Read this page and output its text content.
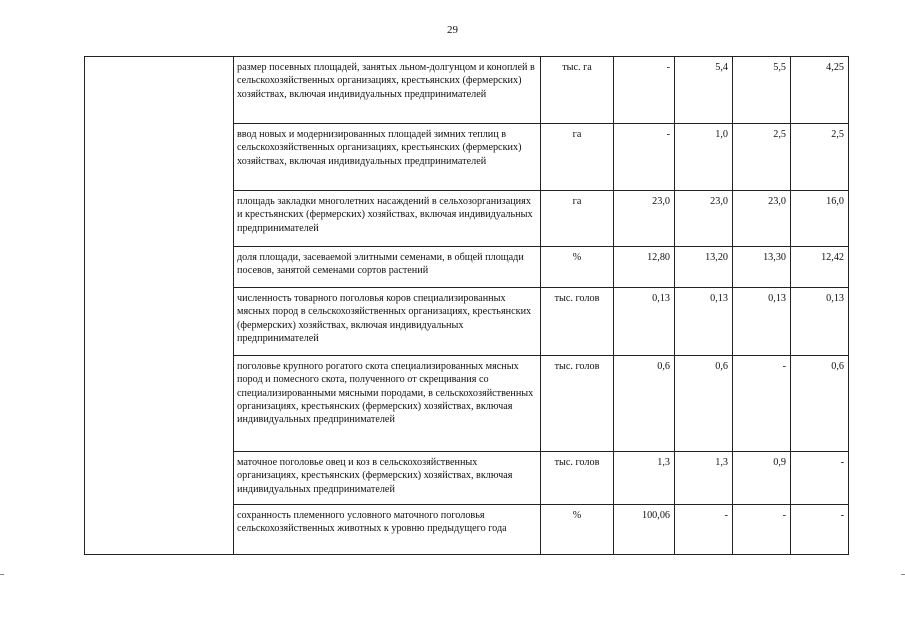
29
	размер посевных площадей, занятых льном-долгунцом и коноплей в сельскохозяйственных организациях, крестьянских (фермерских) хозяйствах, включая индивидуальных предпринимателей	тыс. га	-	5,4	5,5	4,25
	ввод новых и модернизированных площадей зимних теплиц в сельскохозяйственных организациях, крестьянских (фермерских) хозяйствах, включая индивидуальных предпринимателей	га	-	1,0	2,5	2,5
	площадь закладки многолетних насаждений в сельхозорганизациях и крестьянских (фермерских) хозяйствах, включая индивидуальных предпринимателей	га	23,0	23,0	23,0	16,0
	доля площади, засеваемой элитными семенами, в общей площади посевов, занятой семенами сортов растений	%	12,80	13,20	13,30	12,42
	численность товарного поголовья коров специализированных мясных пород в сельскохозяйственных организациях, крестьянских (фермерских) хозяйствах, включая индивидуальных предпринимателей	тыс. голов	0,13	0,13	0,13	0,13
	поголовье крупного рогатого скота специализированных мясных пород и помесного скота, полученного от скрещивания со специализированными мясными породами, в сельскохозяйственных организациях, крестьянских (фермерских) хозяйствах, включая индивидуальных предпринимателей	тыс. голов	0,6	0,6	-	0,6
	маточное поголовье овец и коз в сельскохозяйственных организациях, крестьянских (фермерских) хозяйствах, включая индивидуальных предпринимателей	тыс. голов	1,3	1,3	0,9	-
	сохранность племенного условного маточного поголовья сельскохозяйственных животных к уровню предыдущего года	%	100,06	-	-	-
